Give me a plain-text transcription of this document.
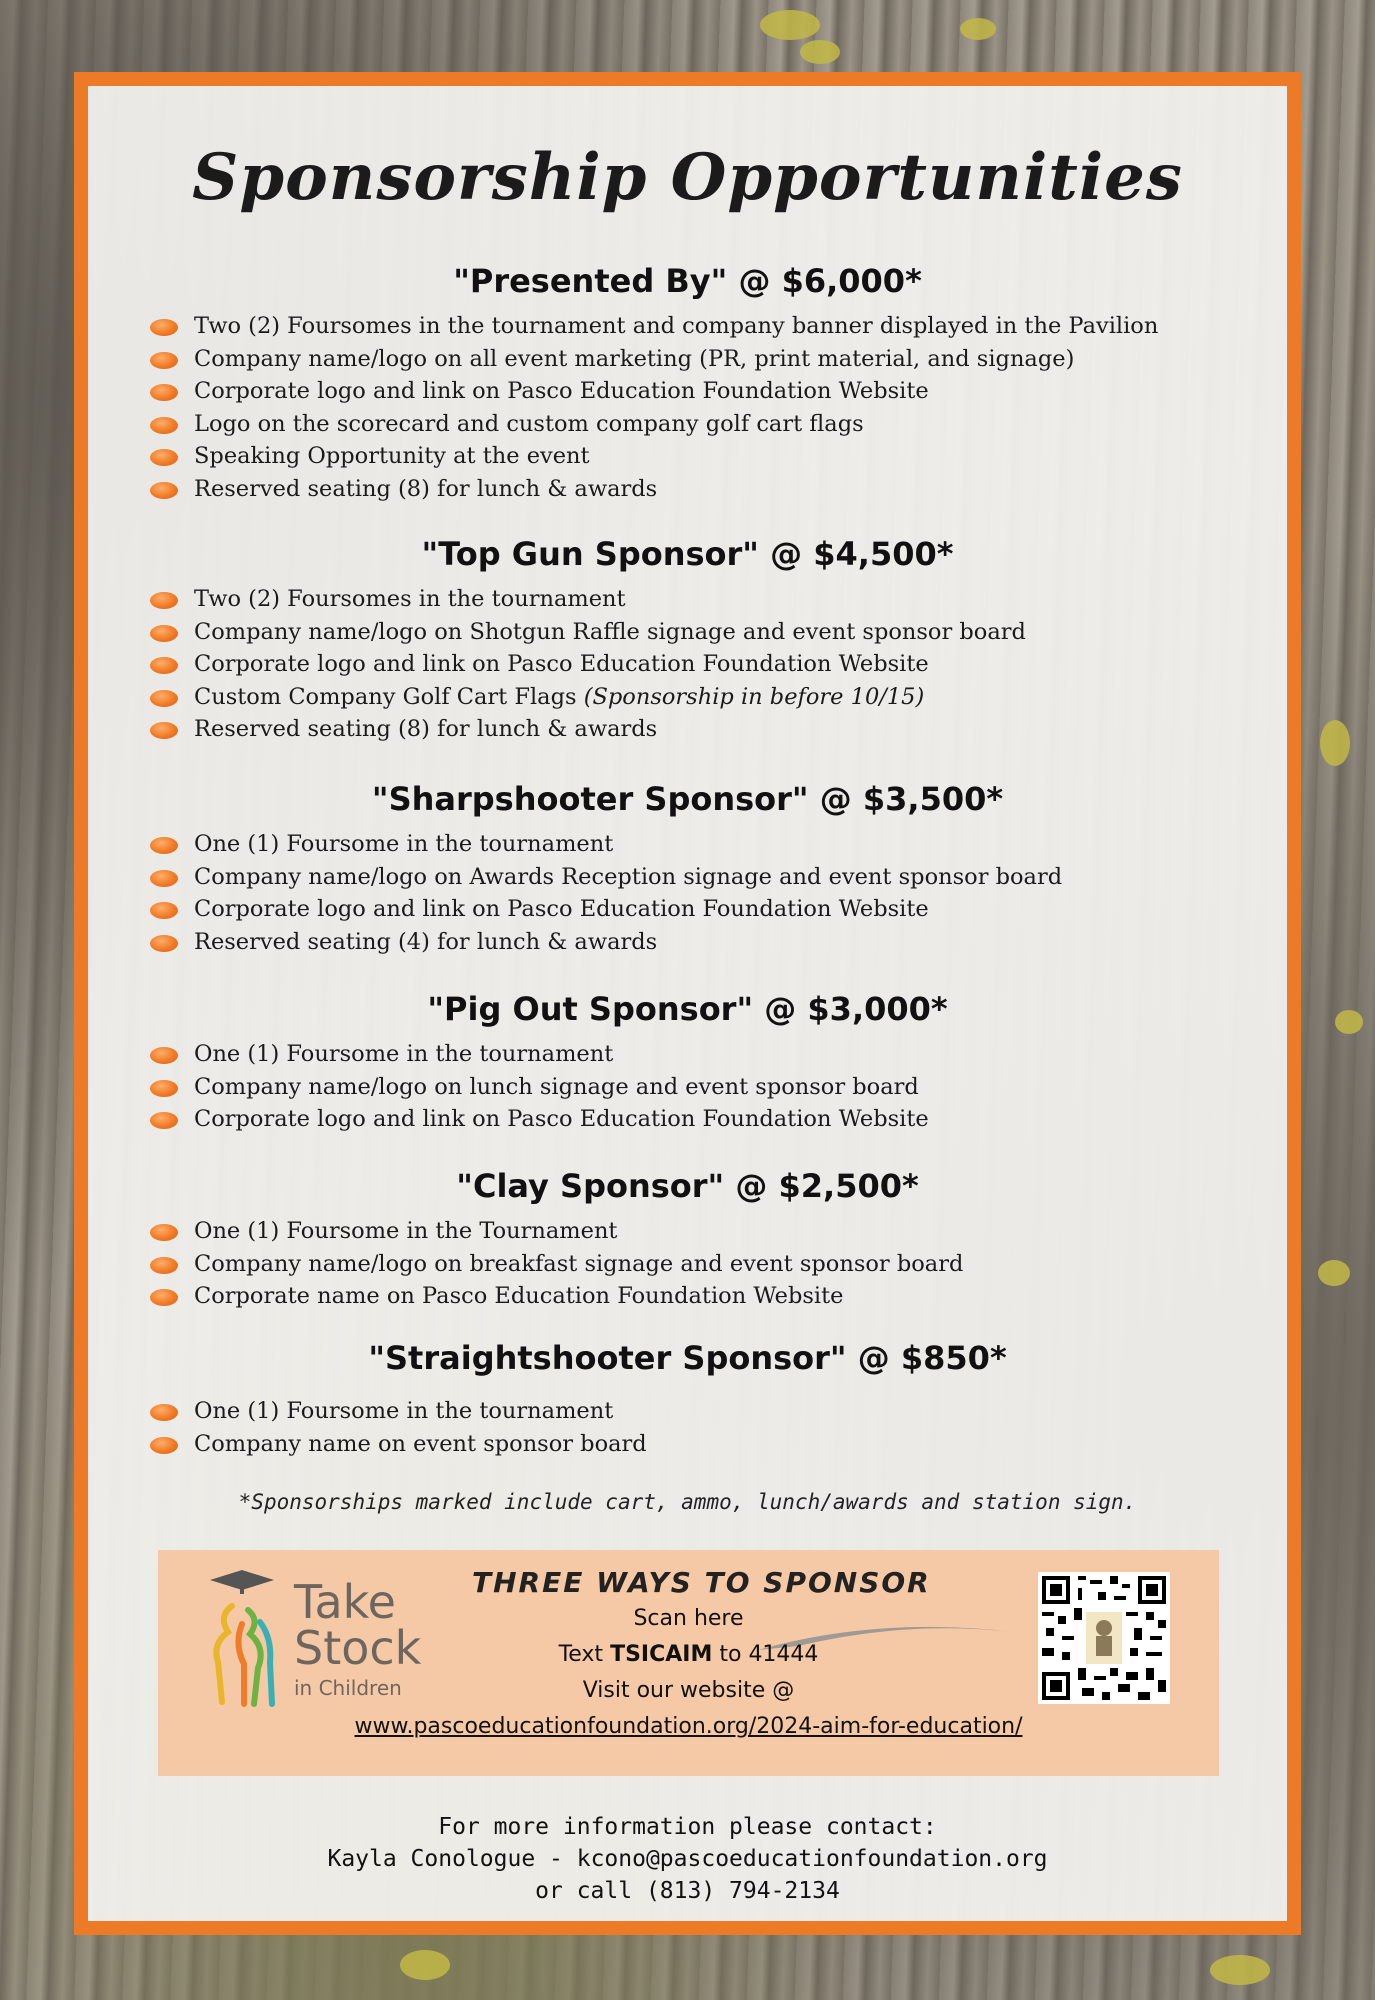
Sponsorship Opportunities
"Presented By" @ $6,000*
Two (2) Foursomes in the tournament and company banner displayed in the Pavilion
Company name/logo on all event marketing (PR, print material, and signage)
Corporate logo and link on Pasco Education Foundation Website
Logo on the scorecard and custom company golf cart flags
Speaking Opportunity at the event
Reserved seating (8) for lunch & awards
"Top Gun Sponsor" @ $4,500*
Two (2) Foursomes in the tournament
Company name/logo on Shotgun Raffle signage and event sponsor board
Corporate logo and link on Pasco Education Foundation Website
Custom Company Golf Cart Flags (Sponsorship in before 10/15)
Reserved seating (8) for lunch & awards
"Sharpshooter Sponsor" @ $3,500*
One (1) Foursome in the tournament
Company name/logo on Awards Reception signage and event sponsor board
Corporate logo and link on Pasco Education Foundation Website
Reserved seating (4) for lunch & awards
"Pig Out Sponsor" @ $3,000*
One (1) Foursome in the tournament
Company name/logo on lunch signage and event sponsor board
Corporate logo and link on Pasco Education Foundation Website
"Clay Sponsor" @ $2,500*
One (1) Foursome in the Tournament
Company name/logo on breakfast signage and event sponsor board
Corporate name on Pasco Education Foundation Website
"Straightshooter Sponsor" @ $850*
One (1) Foursome in the tournament
Company name on event sponsor board

*Sponsorships marked include cart, ammo, lunch/awards and station sign.

Take
Stock
in Children

THREE WAYS TO SPONSOR

Scan here

Text TSICAIM to 41444

Visit our website @

www.pascoeducationfoundation.org/2024-aim-for-education/

For more information please contact:
Kayla Conologue - kcono@pascoeducationfoundation.org
or call (813) 794-2134
